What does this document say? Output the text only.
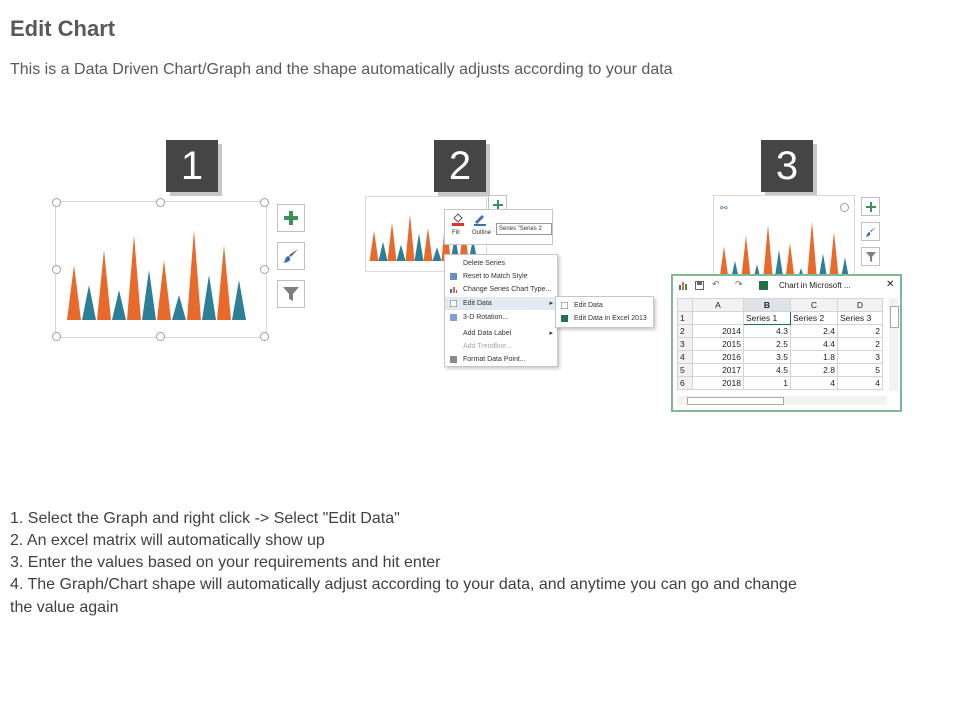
Edit Chart
This is a Data Driven Chart/Graph and the shape automatically adjusts according to your data
1	2	3
Fill Outline
Series "Series 2
Delete Series
Reset to Match Style
Change Series Chart Type...
Edit Data	▸
3-D Rotation...
Add Data Label	▸
Add Trendline...
Format Data Point...
Edit Data
Edit Data in Excel 2013
⚯
↶ ↷	Chart in Microsoft ...	✕
	A	B	C	D
1		Series 1	Series 2	Series 3
2	2014	4.3	2.4	2
3	2015	2.5	4.4	2
4	2016	3.5	1.8	3
5	2017	4.5	2.8	5
6	2018	1	4	4
1. Select the Graph and right click -> Select "Edit Data"
2. An excel matrix will automatically show up
3. Enter the values based on your requirements and hit enter
4. The Graph/Chart shape will automatically adjust according to your data, and anytime you can go and change
the value again
